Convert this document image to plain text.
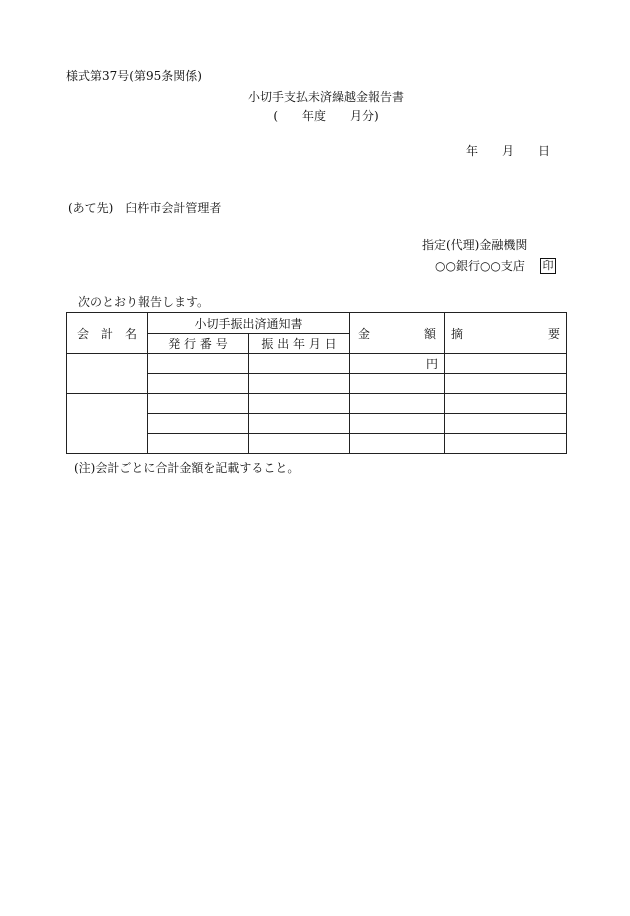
様式第37号(第95条関係)
小切手支払未済繰越金報告書
(　　年度　　月分)
年　　月　　日
(あて先)　臼杵市会計管理者
指定(代理)金融機関
○○銀行○○支店 印
次のとおり報告します。
会　計　名	小切手振出済通知書		金 額	摘 要

	発 行 番 号	振 出 年 月 日		
			円	

(注)会計ごとに合計金額を記載すること。
